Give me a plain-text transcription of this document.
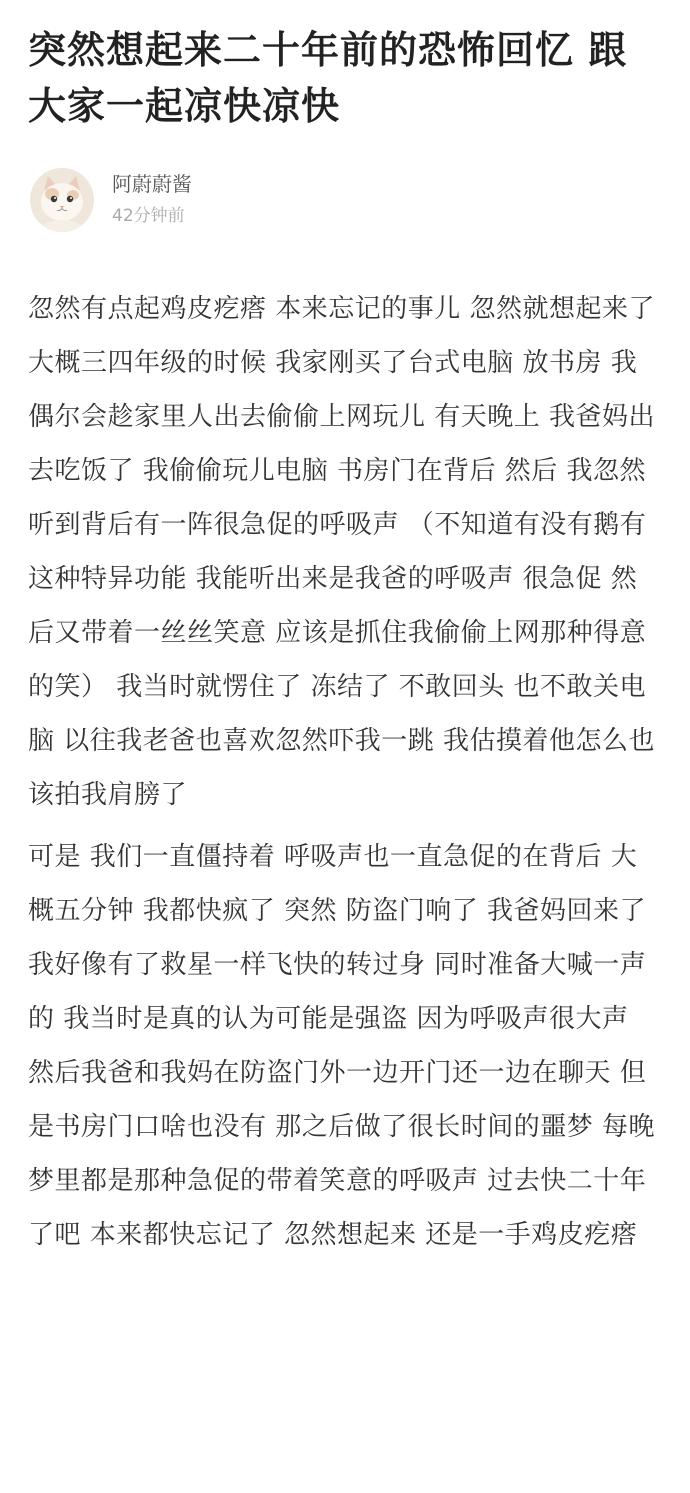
突然想起来二十年前的恐怖回忆 跟大家一起凉快凉快
阿蔚蔚酱
42分钟前

忽然有点起鸡皮疙瘩 本来忘记的事儿 忽然就想起来了 大概三四年级的时候 我家刚买了台式电脑 放书房 我偶尔会趁家里人出去偷偷上网玩儿 有天晚上 我爸妈出去吃饭了 我偷偷玩儿电脑 书房门在背后 然后 我忽然听到背后有一阵很急促的呼吸声 （不知道有没有鹅有这种特异功能 我能听出来是我爸的呼吸声 很急促 然后又带着一丝丝笑意 应该是抓住我偷偷上网那种得意的笑） 我当时就愣住了 冻结了 不敢回头 也不敢关电脑 以往我老爸也喜欢忽然吓我一跳 我估摸着他怎么也该拍我肩膀了

可是 我们一直僵持着 呼吸声也一直急促的在背后 大概五分钟 我都快疯了 突然 防盗门响了 我爸妈回来了 我好像有了救星一样飞快的转过身 同时准备大喊一声的 我当时是真的认为可能是强盗 因为呼吸声很大声 然后我爸和我妈在防盗门外一边开门还一边在聊天 但是书房门口啥也没有 那之后做了很长时间的噩梦 每晚梦里都是那种急促的带着笑意的呼吸声 过去快二十年了吧 本来都快忘记了 忽然想起来 还是一手鸡皮疙瘩
